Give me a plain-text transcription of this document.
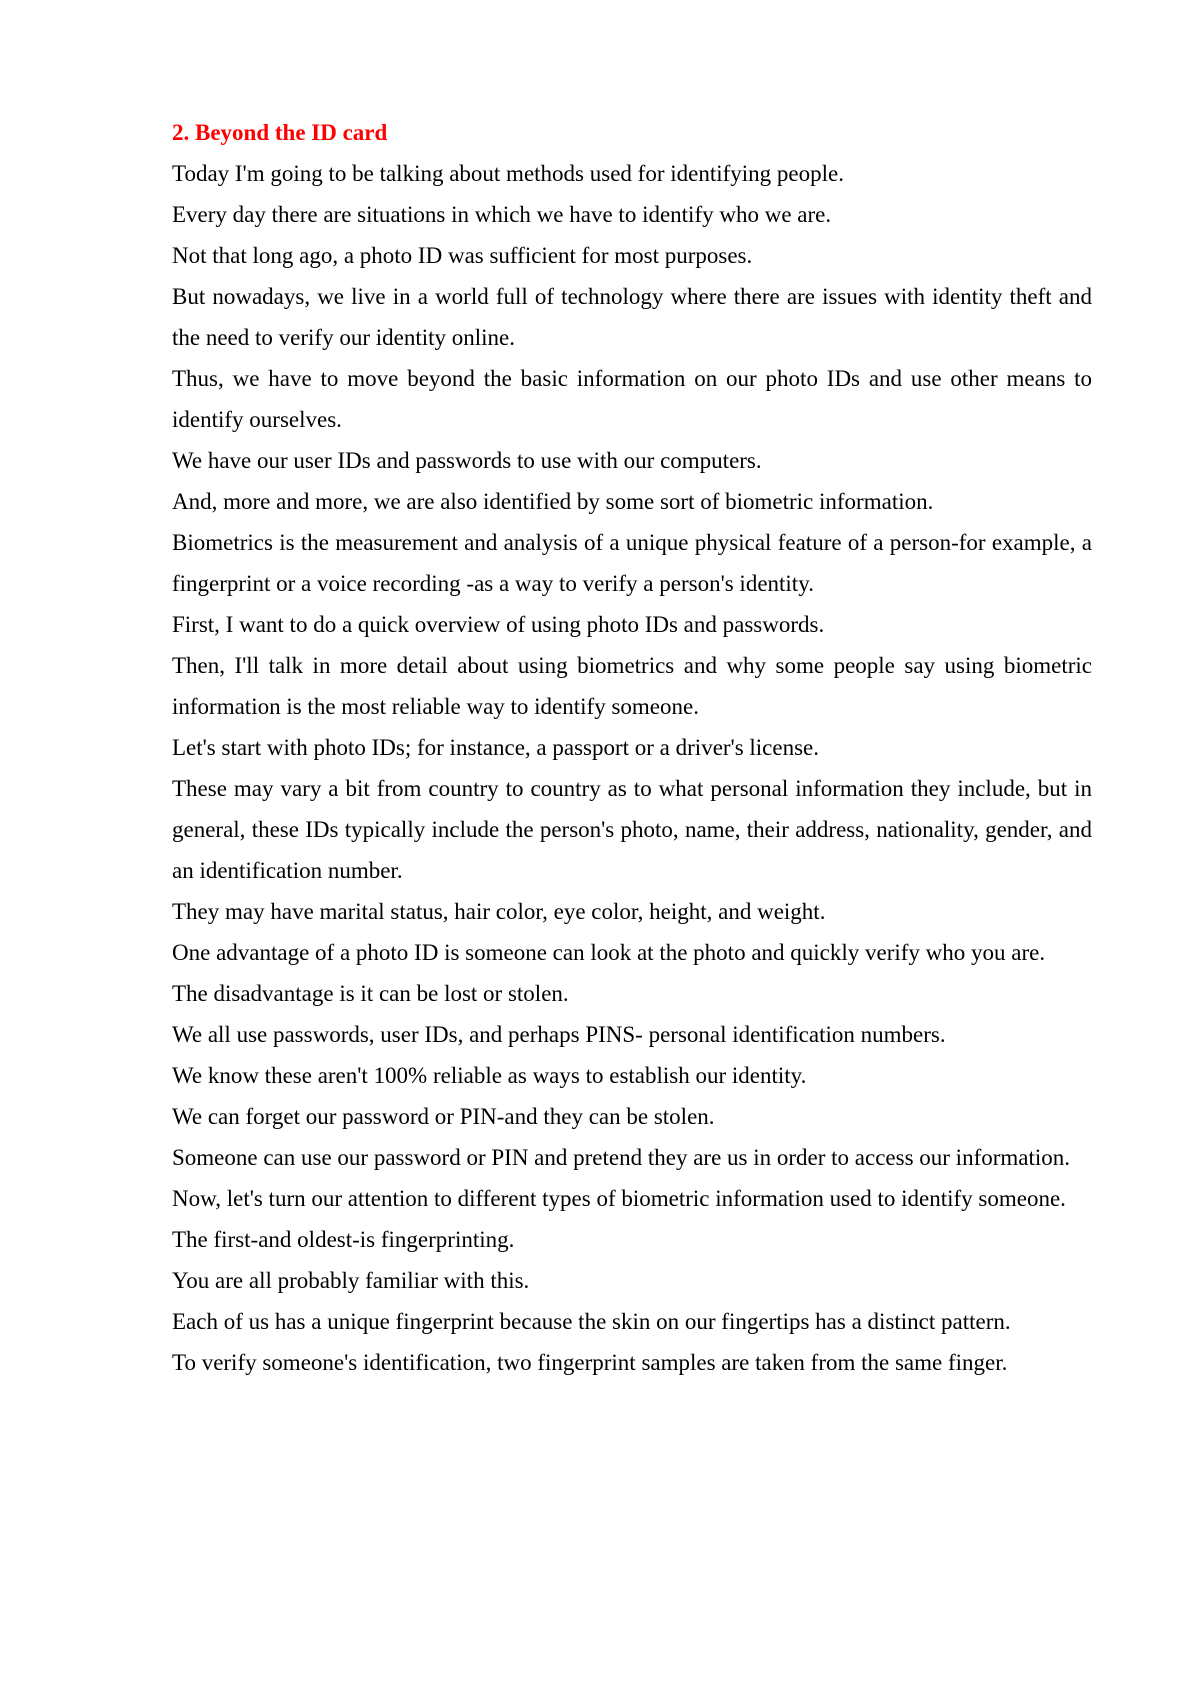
2. Beyond the ID card

Today I'm going to be talking about methods used for identifying people.

Every day there are situations in which we have to identify who we are.

Not that long ago, a photo ID was sufficient for most purposes.

But nowadays, we live in a world full of technology where there are issues with identity theft and the need to verify our identity online.

Thus, we have to move beyond the basic information on our photo IDs and use other means to identify ourselves.

We have our user IDs and passwords to use with our computers.

And, more and more, we are also identified by some sort of biometric information.

Biometrics is the measurement and analysis of a unique physical feature of a person-for example, a fingerprint or a voice recording -as a way to verify a person's identity.

First, I want to do a quick overview of using photo IDs and passwords.

Then, I'll talk in more detail about using biometrics and why some people say using biometric information is the most reliable way to identify someone.

Let's start with photo IDs; for instance, a passport or a driver's license.

These may vary a bit from country to country as to what personal information they include, but in general, these IDs typically include the person's photo, name, their address, nationality, gender, and an identification number.

They may have marital status, hair color, eye color, height, and weight.

One advantage of a photo ID is someone can look at the photo and quickly verify who you are.

The disadvantage is it can be lost or stolen.

We all use passwords, user IDs, and perhaps PINS- personal identification numbers.

We know these aren't 100% reliable as ways to establish our identity.

We can forget our password or PIN-and they can be stolen.

Someone can use our password or PIN and pretend they are us in order to access our information.

Now, let's turn our attention to different types of biometric information used to identify someone.

The first-and oldest-is fingerprinting.

You are all probably familiar with this.

Each of us has a unique fingerprint because the skin on our fingertips has a distinct pattern.

To verify someone's identification, two fingerprint samples are taken from the same finger.
